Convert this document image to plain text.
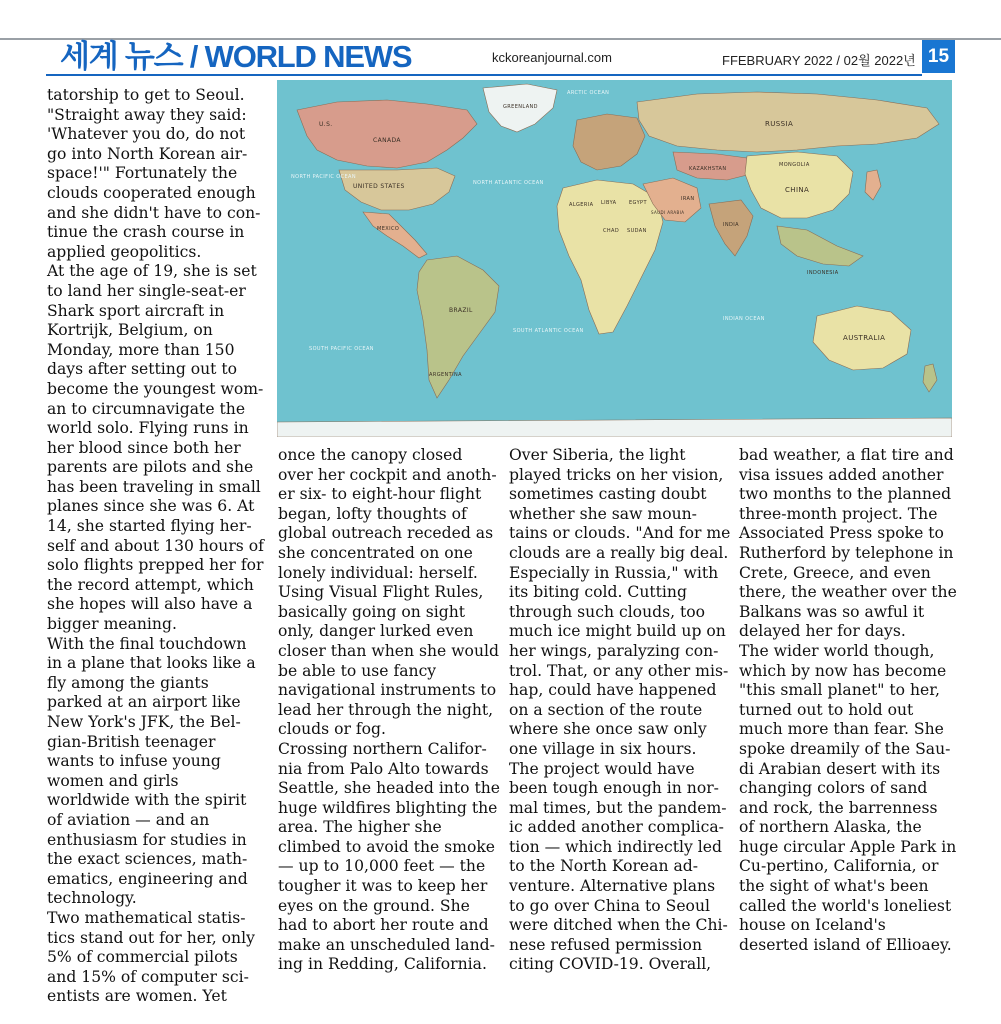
세계 뉴스 / WORLD NEWS	kckoreanjournal.com	FFEBRUARY 2022 / 02월 2022년 15
U.S.
CANADA
UNITED STATES
MEXICO
BRAZIL
ARGENTINA
GREENLAND
RUSSIA
KAZAKHSTAN
MONGOLIA
CHINA
INDIA
IRAN
SAUDI ARABIA
ALGERIA LIBYA EGYPT
CHAD SUDAN
INDONESIA
AUSTRALIA
NORTH PACIFIC OCEAN
NORTH ATLANTIC OCEAN
SOUTH ATLANTIC OCEAN
INDIAN OCEAN
SOUTH PACIFIC OCEAN
ARCTIC OCEAN

tatorship to get to Seoul. "Straight away they said: 'Whatever you do, do not go into North Korean air-space!'" Fortunately the clouds cooperated enough and she didn't have to con-tinue the crash course in applied geopolitics.

At the age of 19, she is set to land her single-seat-er Shark sport aircraft in Kortrijk, Belgium, on Monday, more than 150 days after setting out to become the youngest wom-an to circumnavigate the world solo. Flying runs in her blood since both her parents are pilots and she has been traveling in small planes since she was 6. At 14, she started flying her-self and about 130 hours of solo flights prepped her for the record attempt, which she hopes will also have a bigger meaning.

With the final touchdown in a plane that looks like a fly among the giants parked at an airport like New York's JFK, the Bel-gian-British teenager wants to infuse young women and girls worldwide with the spirit of aviation — and an enthusiasm for studies in the exact sciences, math-ematics, engineering and technology.

Two mathematical statis-tics stand out for her, only 5% of commercial pilots and 15% of computer sci-entists are women. Yet

once the canopy closed over her cockpit and anoth-er six- to eight-hour flight began, lofty thoughts of global outreach receded as she concentrated on one lonely individual: herself. Using Visual Flight Rules, basically going on sight only, danger lurked even closer than when she would be able to use fancy navigational instruments to lead her through the night, clouds or fog.

Crossing northern Califor-nia from Palo Alto towards Seattle, she headed into the huge wildfires blighting the area. The higher she climbed to avoid the smoke — up to 10,000 feet — the tougher it was to keep her eyes on the ground. She had to abort her route and make an unscheduled land-ing in Redding, California.

Over Siberia, the light played tricks on her vision, sometimes casting doubt whether she saw moun-tains or clouds. "And for me clouds are a really big deal. Especially in Russia," with its biting cold. Cutting through such clouds, too much ice might build up on her wings, paralyzing con-trol. That, or any other mis-hap, could have happened on a section of the route where she once saw only one village in six hours.

The project would have been tough enough in nor-mal times, but the pandem-ic added another complica-tion — which indirectly led to the North Korean ad-venture. Alternative plans to go over China to Seoul were ditched when the Chi-nese refused permission citing COVID-19. Overall,

bad weather, a flat tire and visa issues added another two months to the planned three-month project. The Associated Press spoke to Rutherford by telephone in Crete, Greece, and even there, the weather over the Balkans was so awful it delayed her for days.

The wider world though, which by now has become "this small planet" to her, turned out to hold out much more than fear. She spoke dreamily of the Sau-di Arabian desert with its changing colors of sand and rock, the barrenness of northern Alaska, the huge circular Apple Park in Cu-pertino, California, or the sight of what's been called the world's loneliest house on Iceland's deserted island of Ellioaey.
